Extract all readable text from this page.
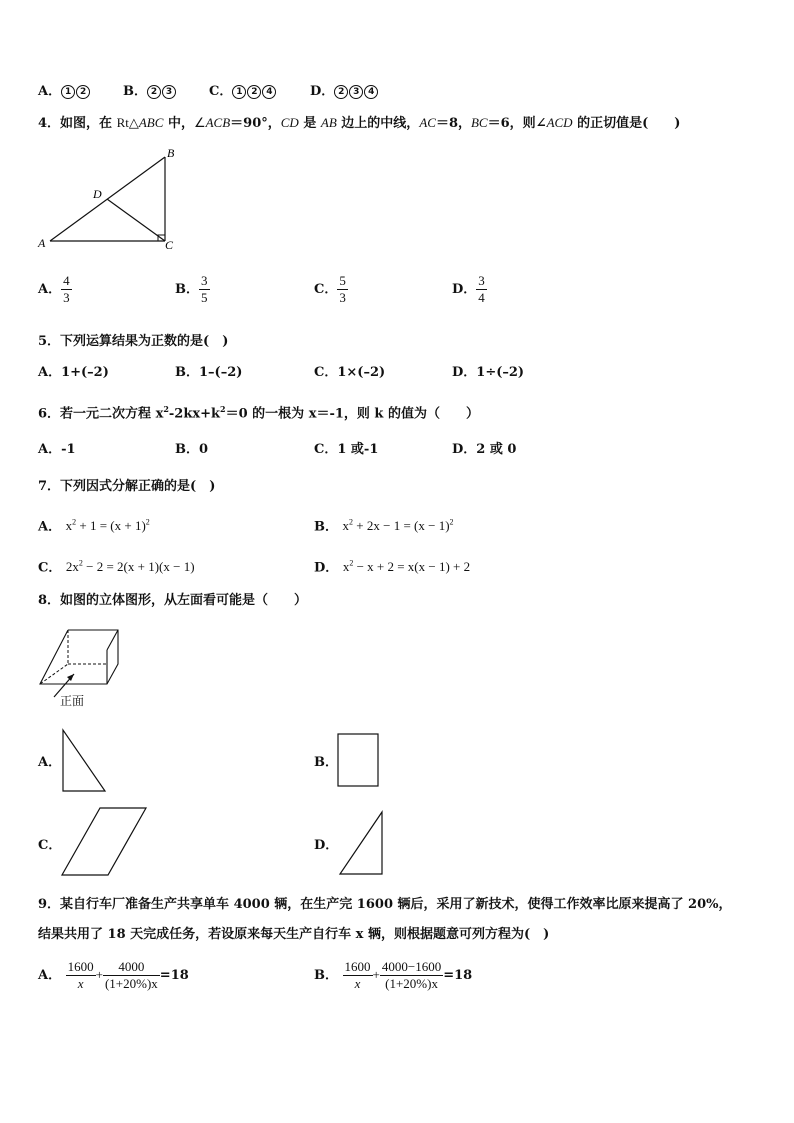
A． 1 2	B． 2 3	C． 1 2 4	D． 2 3 4
4．如图，在 Rt△ABC 中，∠ACB＝90°，CD 是 AB 边上的中线，AC＝8，BC＝6，则∠ACD 的正切值是(　　)
A
B
C
D
A． $\frac{4}{3}$	B． $\frac{3}{5}$	C． $\frac{5}{3}$	D． $\frac{3}{4}$
5．下列运算结果为正数的是(　)
A．1+(–2)	B．1–(–2)	C．1×(–2)	D．1÷(–2)
6．若一元二次方程 $x^2-2kx+k^2=0$ 的一根为 x＝-1，则 k 的值为（　　）
A．-1	B．0	C．1 或-1	D．2 或 0
7．下列因式分解正确的是(　)
A． $x^2 + 1 = (x + 1)^2$	B． $x^2 + 2x - 1 = (x - 1)^2$
C． $2x^2 - 2 = 2(x + 1)(x - 1)$	D． $x^2 - x + 2 = x(x - 1) + 2$
8．如图的立体图形，从左面看可能是（　　）
正面
A．	B．
C．	D．
9．某自行车厂准备生产共享单车 4000 辆，在生产完 1600 辆后，采用了新技术，使得工作效率比原来提高了 20%，
结果共用了 18 天完成任务，若设原来每天生产自行车 x 辆，则根据题意可列方程为(　)
A． $\frac{1600}{x} + \frac{4000}{(1+20\%)x} =18$	B． $\frac{1600}{x} + \frac{4000-1600}{(1+20\%)x} =18$
